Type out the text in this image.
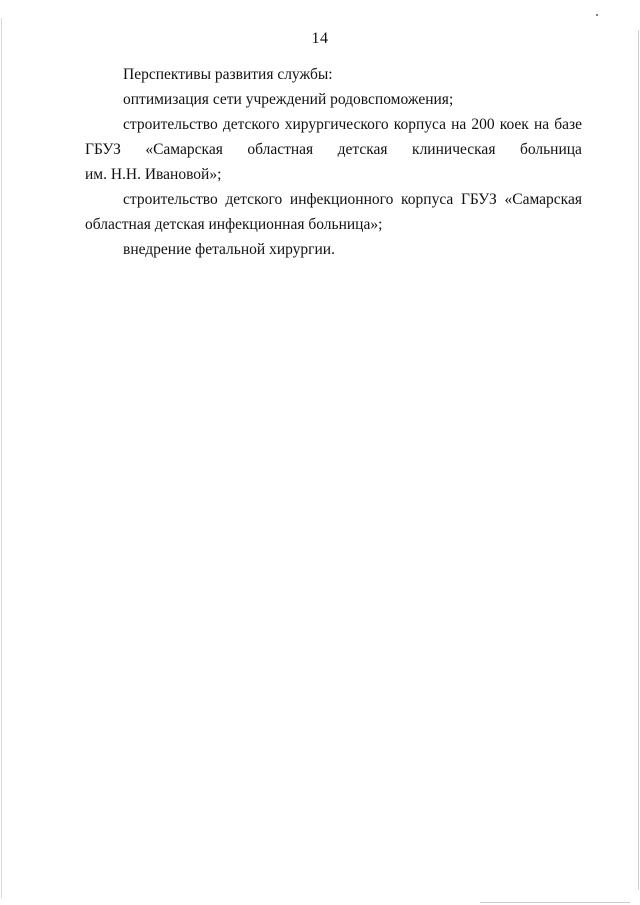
14

Перспективы развития службы:

оптимизация сети учреждений родовспоможения;

строительство детского хирургического корпуса на 200 коек на базе

ГБУЗ «Самарская областная детская клиническая больница

им. Н.Н. Ивановой»;

строительство детского инфекционного корпуса ГБУЗ «Самарская

областная детская инфекционная больница»;

внедрение фетальной хирургии.
